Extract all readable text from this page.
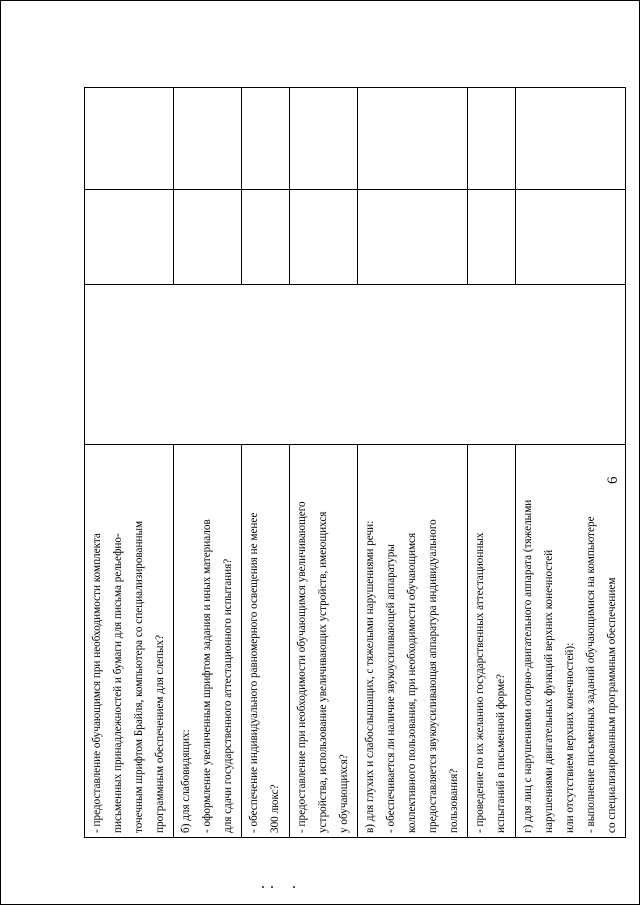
6
- предоставление обучающимся при необходимости комплекта письменных принадлежностей и бумаги для письма рельефно- точечным шрифтом Брайля, компьютера со специализированным программным обеспечением для слепых?			

б) для слабовидящих: - оформление увеличенным шрифтом задания и иных материалов для сдачи государственного аттестационного испытания?			

- обеспечение индивидуального равномерного освещения не менее 300 люкс?			

- предоставление при необходимости обучающимся увеличивающего устройства, использование увеличивающих устройств, имеющихся у обучающихся?			

в) для глухих и слабослышащих, с тяжелыми нарушениями речи: - обеспечивается ли наличие звукоусиливающей аппаратуры коллективного пользования, при необходимости обучающимся предоставляется звукоусиливающая аппаратура индивидуального пользования?			

- проведение по их желанию государственных аттестационных испытаний в письменной форме?			

г) для лиц с нарушениями опорно-двигательного аппарата (тяжелыми нарушениями двигательных функций верхних конечностей или отсутствием верхних конечностей): - выполнение письменных заданий обучающимися на компьютере со специализированным программным обеспечением			
